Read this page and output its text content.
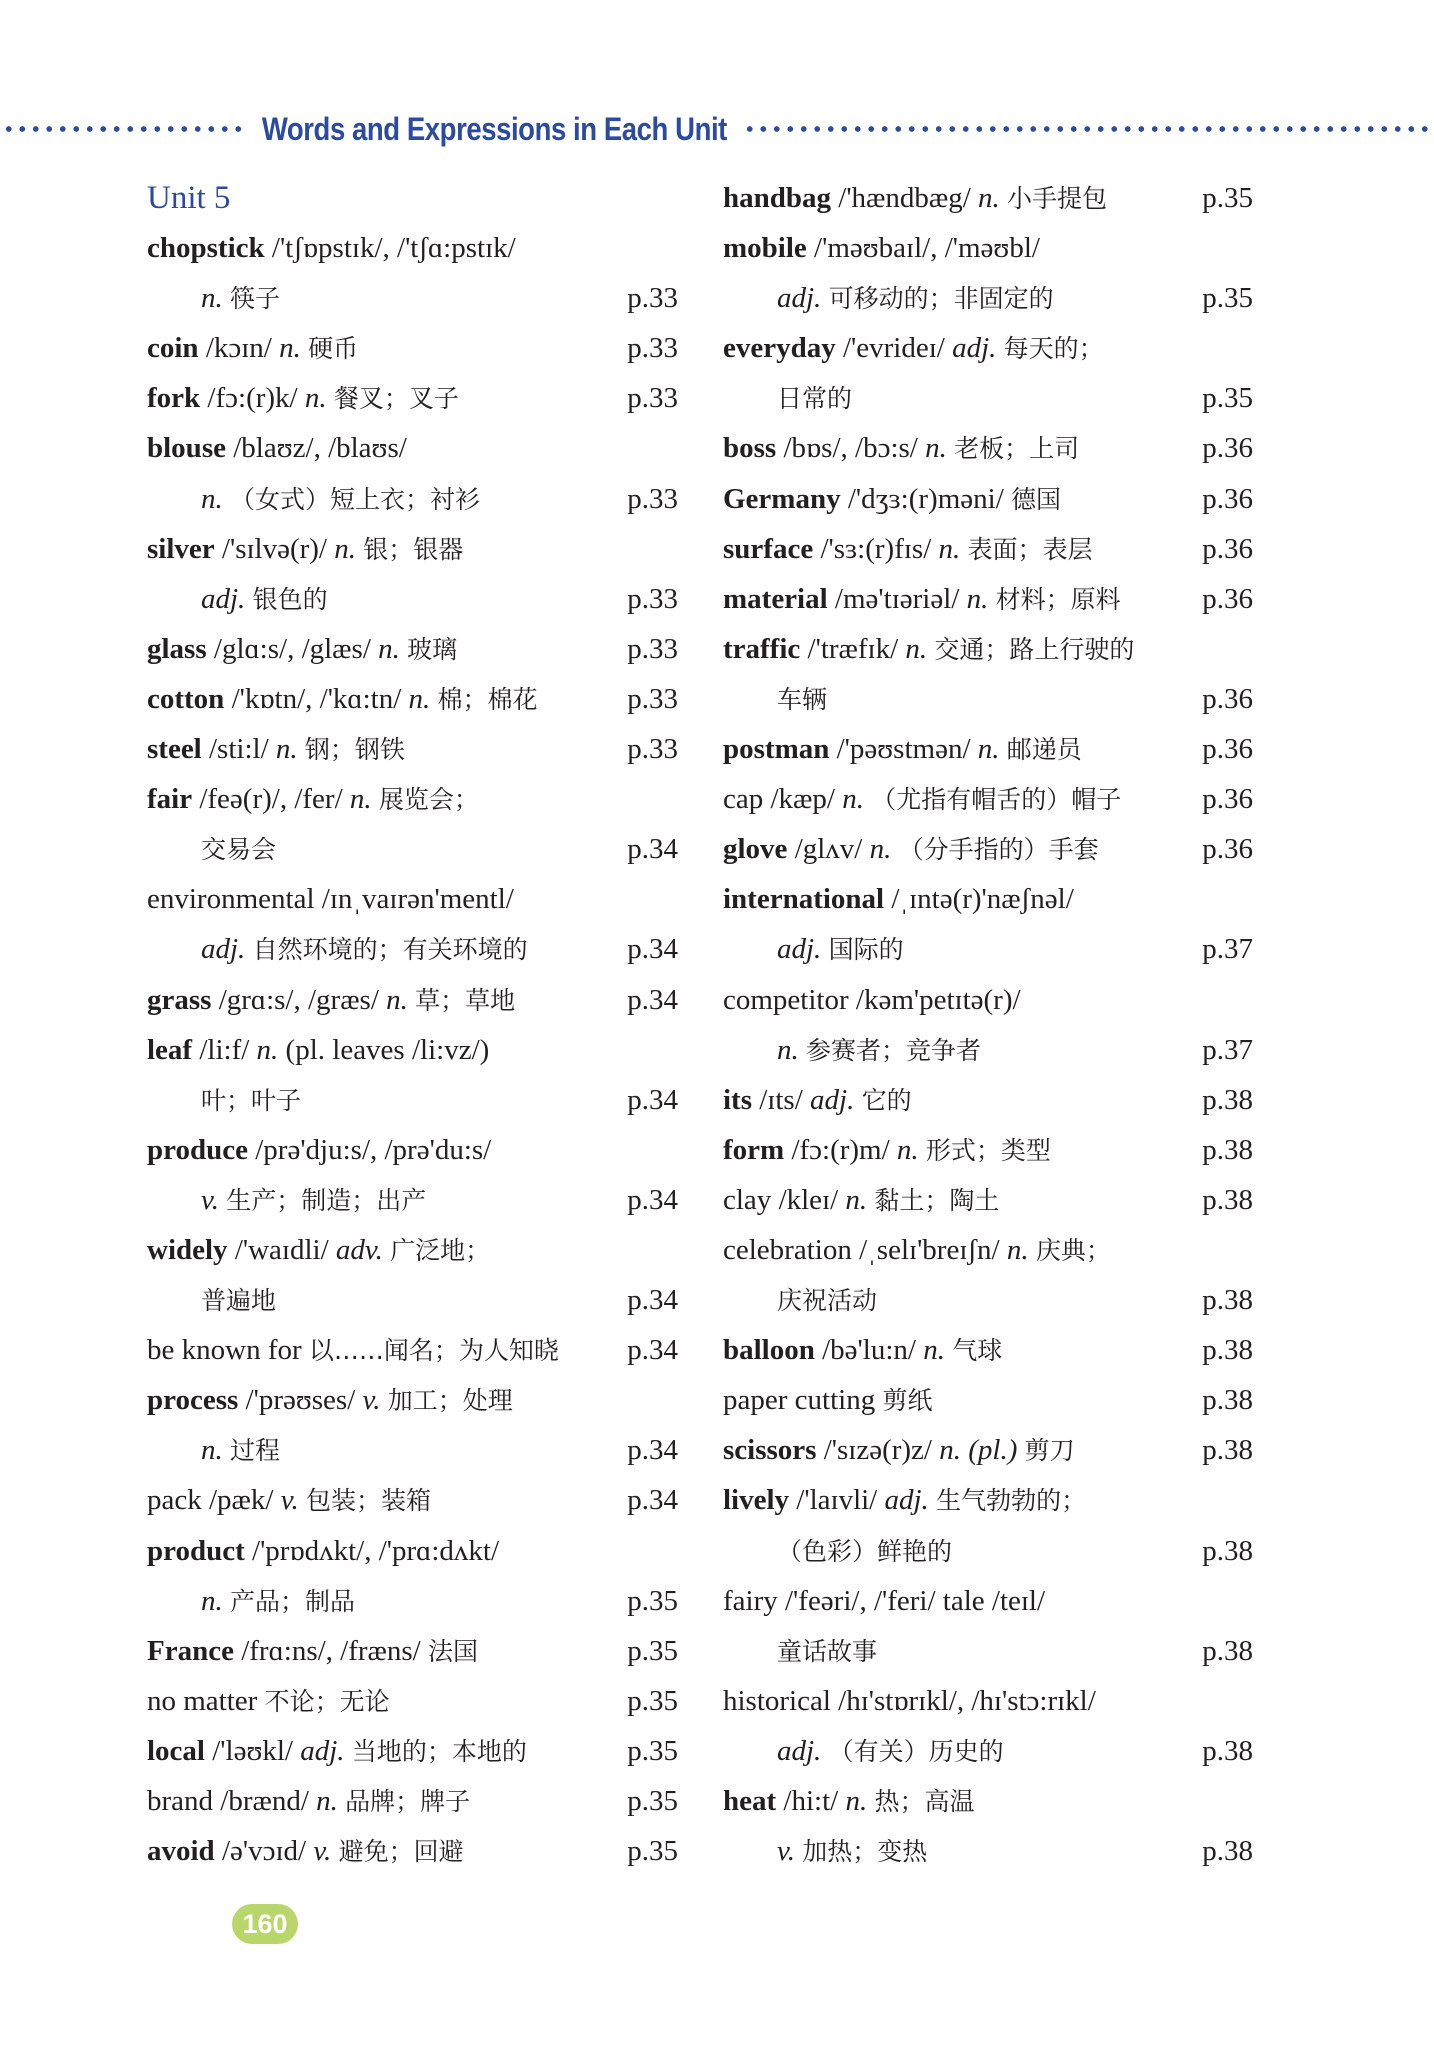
Words and Expressions in Each Unit
Unit 5
chopstick /'tʃɒpstɪk/, /'tʃɑ:pstɪk/
n. 筷子	p.33
coin /kɔɪn/ n. 硬币	p.33
fork /fɔ:(r)k/ n. 餐叉；叉子	p.33
blouse /blaʊz/, /blaʊs/
n. （女式）短上衣；衬衫	p.33
silver /'sɪlvə(r)/ n. 银；银器
adj. 银色的	p.33
glass /glɑ:s/, /glæs/ n. 玻璃	p.33
cotton /'kɒtn/, /'kɑ:tn/ n. 棉；棉花	p.33
steel /sti:l/ n. 钢；钢铁	p.33
fair /feə(r)/, /fer/ n. 展览会；
交易会	p.34
environmental /ɪnˌvaɪrən'mentl/
adj. 自然环境的；有关环境的	p.34
grass /grɑ:s/, /græs/ n. 草；草地	p.34
leaf /li:f/ n. (pl. leaves /li:vz/)
叶；叶子	p.34
produce /prə'dju:s/, /prə'du:s/
v. 生产；制造；出产	p.34
widely /'waɪdli/ adv. 广泛地；
普遍地	p.34
be known for 以……闻名；为人知晓 p.34
process /'prəʊses/ v. 加工；处理
n. 过程	p.34
pack /pæk/ v. 包装；装箱	p.34
product /'prɒdʌkt/, /'prɑ:dʌkt/
n. 产品；制品	p.35
France /frɑ:ns/, /fræns/ 法国	p.35
no matter 不论；无论	p.35
local /'ləʊkl/ adj. 当地的；本地的	p.35
brand /brænd/ n. 品牌；牌子	p.35
avoid /ə'vɔɪd/ v. 避免；回避	p.35
handbag /'hændbæg/ n. 小手提包	p.35
mobile /'məʊbaɪl/, /'məʊbl/
adj. 可移动的；非固定的	p.35
everyday /'evrideɪ/ adj. 每天的；
日常的	p.35
boss /bɒs/, /bɔ:s/ n. 老板；上司	p.36
Germany /'dʒɜ:(r)məni/ 德国	p.36
surface /'sɜ:(r)fɪs/ n. 表面；表层	p.36
material /mə'tɪəriəl/ n. 材料；原料	p.36
traffic /'træfɪk/ n. 交通；路上行驶的
车辆	p.36
postman /'pəʊstmən/ n. 邮递员	p.36
cap /kæp/ n. （尤指有帽舌的）帽子	p.36
glove /glʌv/ n. （分手指的）手套	p.36
international /ˌɪntə(r)'næʃnəl/
adj. 国际的	p.37
competitor /kəm'petɪtə(r)/
n. 参赛者；竞争者	p.37
its /ɪts/ adj. 它的	p.38
form /fɔ:(r)m/ n. 形式；类型	p.38
clay /kleɪ/ n. 黏土；陶土	p.38
celebration /ˌselɪ'breɪʃn/ n. 庆典；
庆祝活动	p.38
balloon /bə'lu:n/ n. 气球	p.38
paper cutting 剪纸	p.38
scissors /'sɪzə(r)z/ n. (pl.) 剪刀	p.38
lively /'laɪvli/ adj. 生气勃勃的；
（色彩）鲜艳的	p.38
fairy /'feəri/, /'feri/ tale /teɪl/
童话故事	p.38
historical /hɪ'stɒrɪkl/, /hɪ'stɔ:rɪkl/
adj. （有关）历史的	p.38
heat /hi:t/ n. 热；高温
v. 加热；变热	p.38
160
